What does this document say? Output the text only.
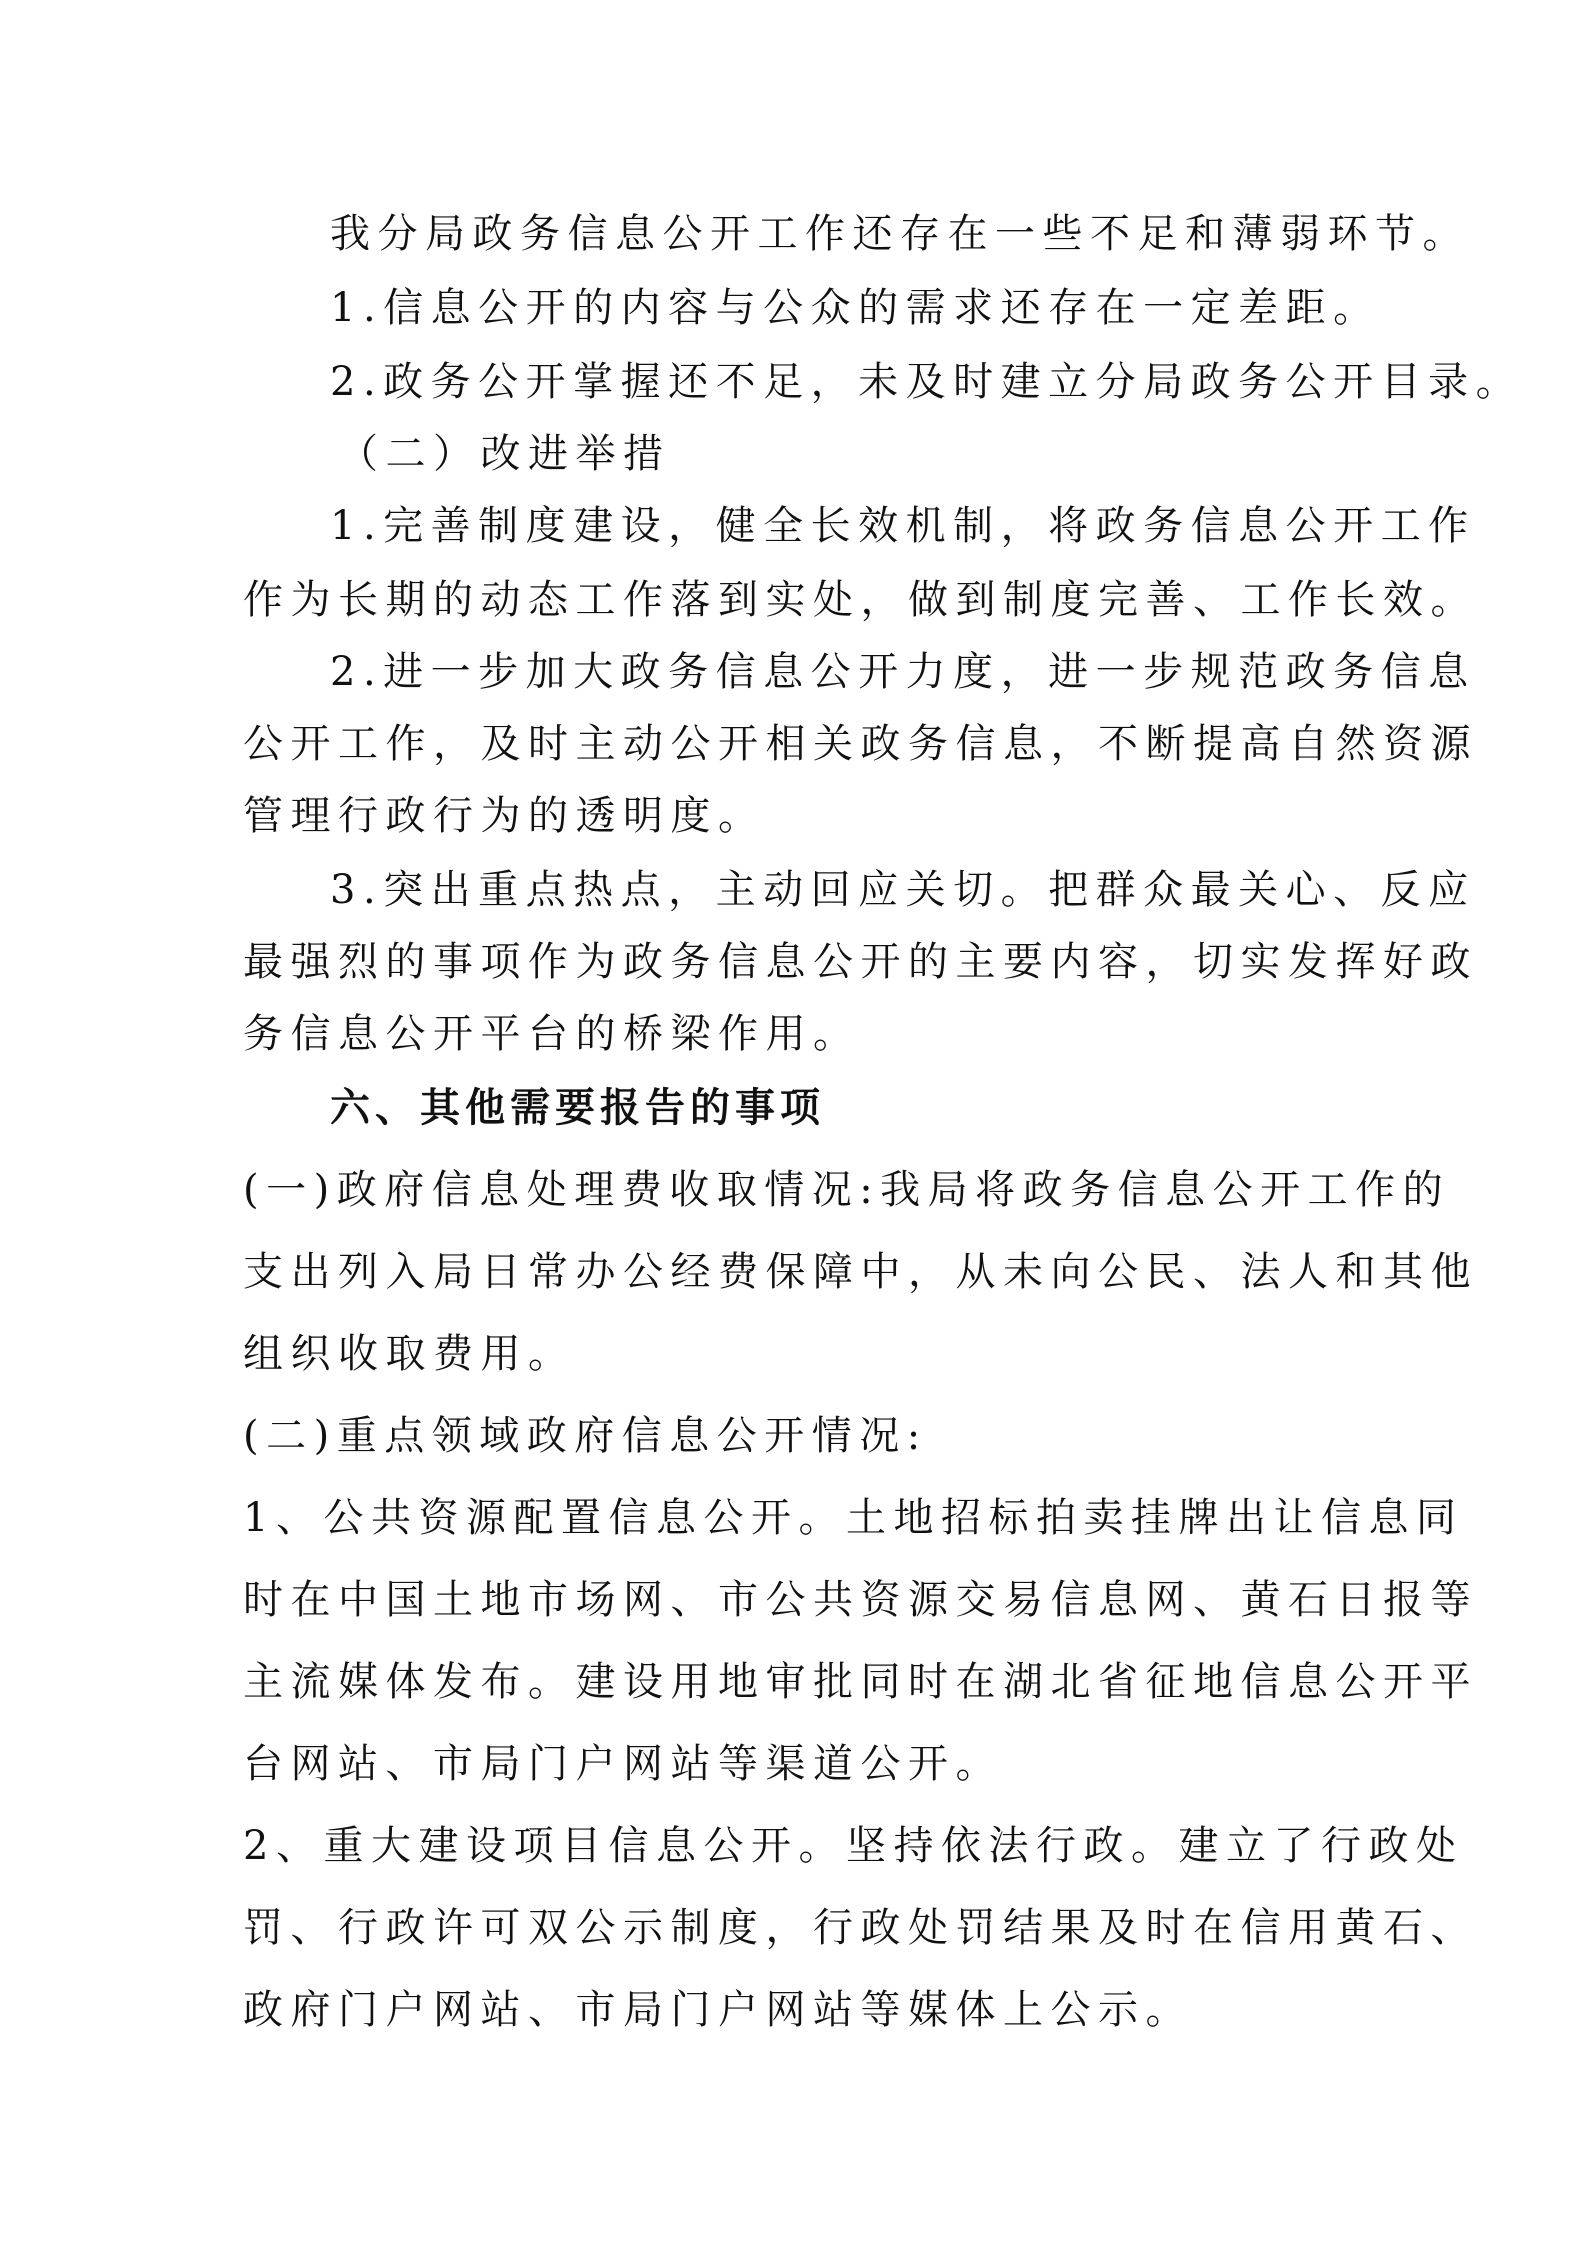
我分局政务信息公开工作还存在一些不足和薄弱环节。
1.信息公开的内容与公众的需求还存在一定差距。
2.政务公开掌握还不足，未及时建立分局政务公开目录。
（二）改进举措
1.完善制度建设，健全长效机制，将政务信息公开工作
作为长期的动态工作落到实处，做到制度完善、工作长效。
2.进一步加大政务信息公开力度，进一步规范政务信息
公开工作，及时主动公开相关政务信息，不断提高自然资源
管理行政行为的透明度。
3.突出重点热点，主动回应关切。把群众最关心、反应
最强烈的事项作为政务信息公开的主要内容，切实发挥好政
务信息公开平台的桥梁作用。
六、其他需要报告的事项
(一)政府信息处理费收取情况:我局将政务信息公开工作的
支出列入局日常办公经费保障中，从未向公民、法人和其他
组织收取费用。
(二)重点领域政府信息公开情况:
1、公共资源配置信息公开。土地招标拍卖挂牌出让信息同
时在中国土地市场网、市公共资源交易信息网、黄石日报等
主流媒体发布。建设用地审批同时在湖北省征地信息公开平
台网站、市局门户网站等渠道公开。
2、重大建设项目信息公开。坚持依法行政。建立了行政处
罚、行政许可双公示制度，行政处罚结果及时在信用黄石、
政府门户网站、市局门户网站等媒体上公示。
